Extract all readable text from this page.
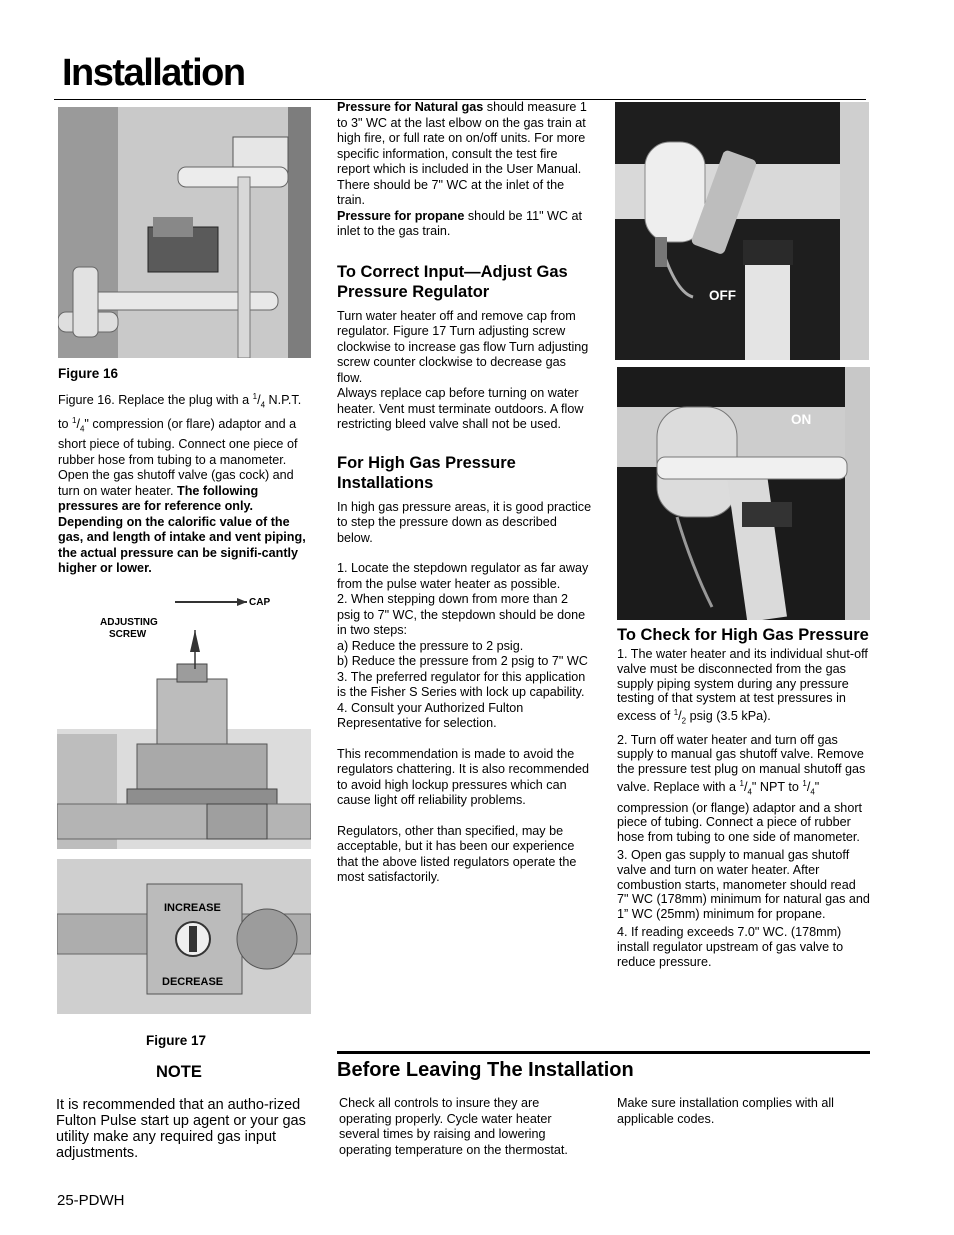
Installation
Figure 16
Figure 16. Replace the plug with a $^1/_4$ N.P.T. to $^1/_4$" compression (or flare) adaptor and a short piece of tubing. Connect one piece of rubber hose from tubing to a manometer. Open the gas shutoff valve (gas cock) and turn on water heater. The following pressures are for reference only. Depending on the calorific value of the gas, and length of intake and vent piping, the actual pressure can be signifi-cantly higher or lower.
CAP
ADJUSTING
SCREW
INCREASE
DECREASE
Figure 17
NOTE
It is recommended that an autho-rized Fulton Pulse start up agent or your gas utility make any required gas input adjustments.

Pressure for Natural gas should measure 1 to 3" WC at the last elbow on the gas train at high fire, or full rate on on/off units. For more specific information, consult the test fire report which is included in the User Manual. There should be 7" WC at the inlet of the train.

Pressure for propane should be 11" WC at inlet to the gas train.

To Correct Input—Adjust Gas Pressure Regulator

Turn water heater off and remove cap from regulator. Figure 17 Turn adjusting screw clockwise to increase gas flow Turn adjusting screw counter clockwise to decrease gas flow.

Always replace cap before turning on water heater. Vent must terminate outdoors. A flow restricting bleed valve shall not be used.

For High Gas Pressure Installations

In high gas pressure areas, it is good practice to step the pressure down as described below.

1. Locate the stepdown regulator as far away from the pulse water heater as possible.

2. When stepping down from more than 2 psig to 7" WC, the stepdown should be done in two steps:

a) Reduce the pressure to 2 psig.

b) Reduce the pressure from 2 psig to 7" WC

3. The preferred regulator for this application is the Fisher S Series with lock up capability.

4. Consult your Authorized Fulton Representative for selection.

This recommendation is made to avoid the regulators chattering. It is also recommended to avoid high lockup pressures which can cause light off reliability problems.

Regulators, other than specified, may be acceptable, but it has been our experience that the above listed regulators operate the most satisfactorily.

OFF
ON
To Check for High Gas Pressure

1. The water heater and its individual shut-off valve must be disconnected from the gas supply piping system during any pressure testing of that system at test pressures in excess of $^1/_2$ psig (3.5 kPa).

2. Turn off water heater and turn off gas supply to manual gas shutoff valve. Remove the pressure test plug on manual shutoff gas valve. Replace with a $^1/_4$" NPT to $^1/_4$" compression (or flange) adaptor and a short piece of tubing. Connect a piece of rubber hose from tubing to one side of manometer.

3. Open gas supply to manual gas shutoff valve and turn on water heater. After combustion starts, manometer should read 7" WC (178mm) minimum for natural gas and 1” WC (25mm) minimum for propane.

4. If reading exceeds 7.0" WC. (178mm) install regulator upstream of gas valve to reduce pressure.

Before Leaving The Installation
Check all controls to insure they are operating properly. Cycle water heater several times by raising and lowering operating temperature on the thermostat.
Make sure installation complies with all applicable codes.
25-PDWH
